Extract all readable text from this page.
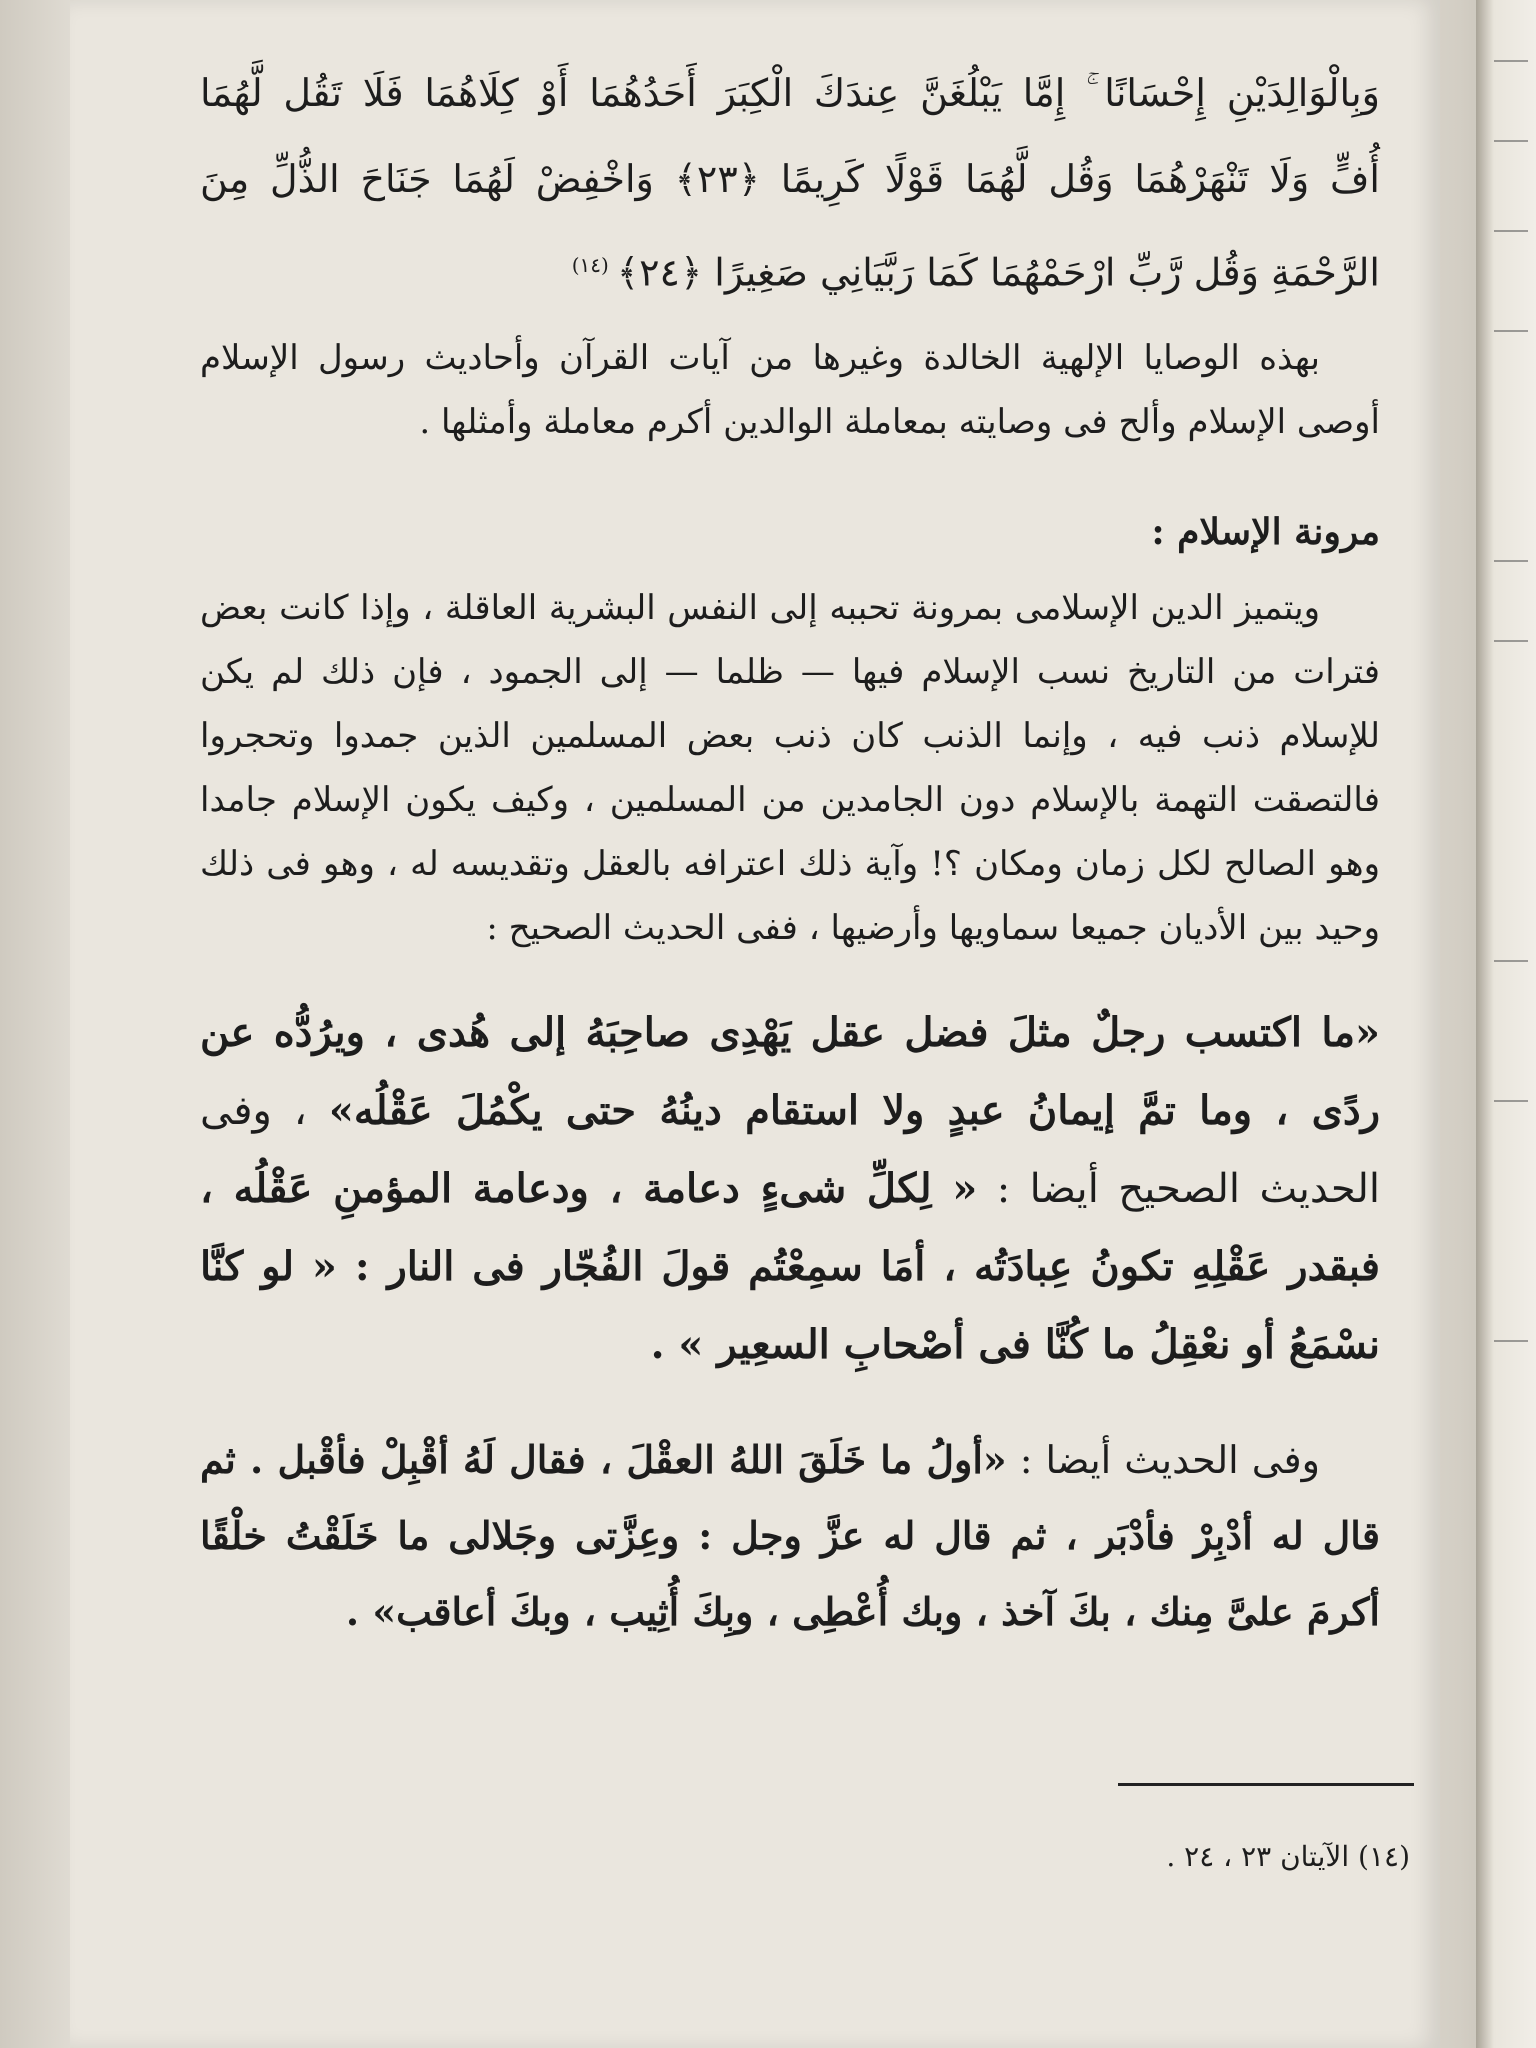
وَبِالْوَالِدَيْنِ إِحْسَانًا ۚ إِمَّا يَبْلُغَنَّ عِندَكَ الْكِبَرَ أَحَدُهُمَا أَوْ كِلَاهُمَا فَلَا تَقُل لَّهُمَا
أُفٍّ وَلَا تَنْهَرْهُمَا وَقُل لَّهُمَا قَوْلًا كَرِيمًا ﴿٢٣﴾ وَاخْفِضْ لَهُمَا جَنَاحَ الذُّلِّ مِنَ
الرَّحْمَةِ وَقُل رَّبِّ ارْحَمْهُمَا كَمَا رَبَّيَانِي صَغِيرًا ﴿٢٤﴾$^{(١٤)}$

بهذه الوصايا الإلهية الخالدة وغيرها من آيات القرآن وأحاديث رسول الإسلام أوصى الإسلام وألح فى وصايته بمعاملة الوالدين أكرم معاملة وأمثلها .

مرونة الإسلام :

ويتميز الدين الإسلامى بمرونة تحببه إلى النفس البشرية العاقلة ، وإذا كانت بعض فترات من التاريخ نسب الإسلام فيها — ظلما — إلى الجمود ، فإن ذلك لم يكن للإسلام ذنب فيه ، وإنما الذنب كان ذنب بعض المسلمين الذين جمدوا وتحجروا فالتصقت التهمة بالإسلام دون الجامدين من المسلمين ، وكيف يكون الإسلام جامدا وهو الصالح لكل زمان ومكان ؟! وآية ذلك اعترافه بالعقل وتقديسه له ، وهو فى ذلك وحيد بين الأديان جميعا سماويها وأرضيها ، ففى الحديث الصحيح :

«ما اكتسب رجلٌ مثلَ فضل عقل يَهْدِى صاحِبَهُ إلى هُدى ، ويرُدُّه عن ردًى ، وما تمَّ إيمانُ عبدٍ ولا استقام دينُهُ حتى يكْمُلَ عَقْلُه» ، وفى الحديث الصحيح أيضا : « لِكلِّ شىءٍ دعامة ، ودعامة المؤمنِ عَقْلُه ، فبقدر عَقْلِهِ تكونُ عِبادَتُه ، أمَا سمِعْتُم قولَ الفُجّار فى النار : « لو كنَّا نسْمَعُ أو نعْقِلُ ما كُنَّا فى أصْحابِ السعِير » .

وفى الحديث أيضا : «أولُ ما خَلَقَ اللهُ العقْلَ ، فقال لَهُ أقْبِلْ فأقْبل . ثم قال له أدْبِرْ فأدْبَر ، ثم قال له عزَّ وجل : وعِزَّتى وجَلالى ما خَلَقْتُ خلْقًا أكرمَ علىَّ مِنك ، بكَ آخذ ، وبك أُعْطِى ، وبِكَ أُثِيب ، وبكَ أعاقب» .

(١٤) الآيتان ٢٣ ، ٢٤ .
